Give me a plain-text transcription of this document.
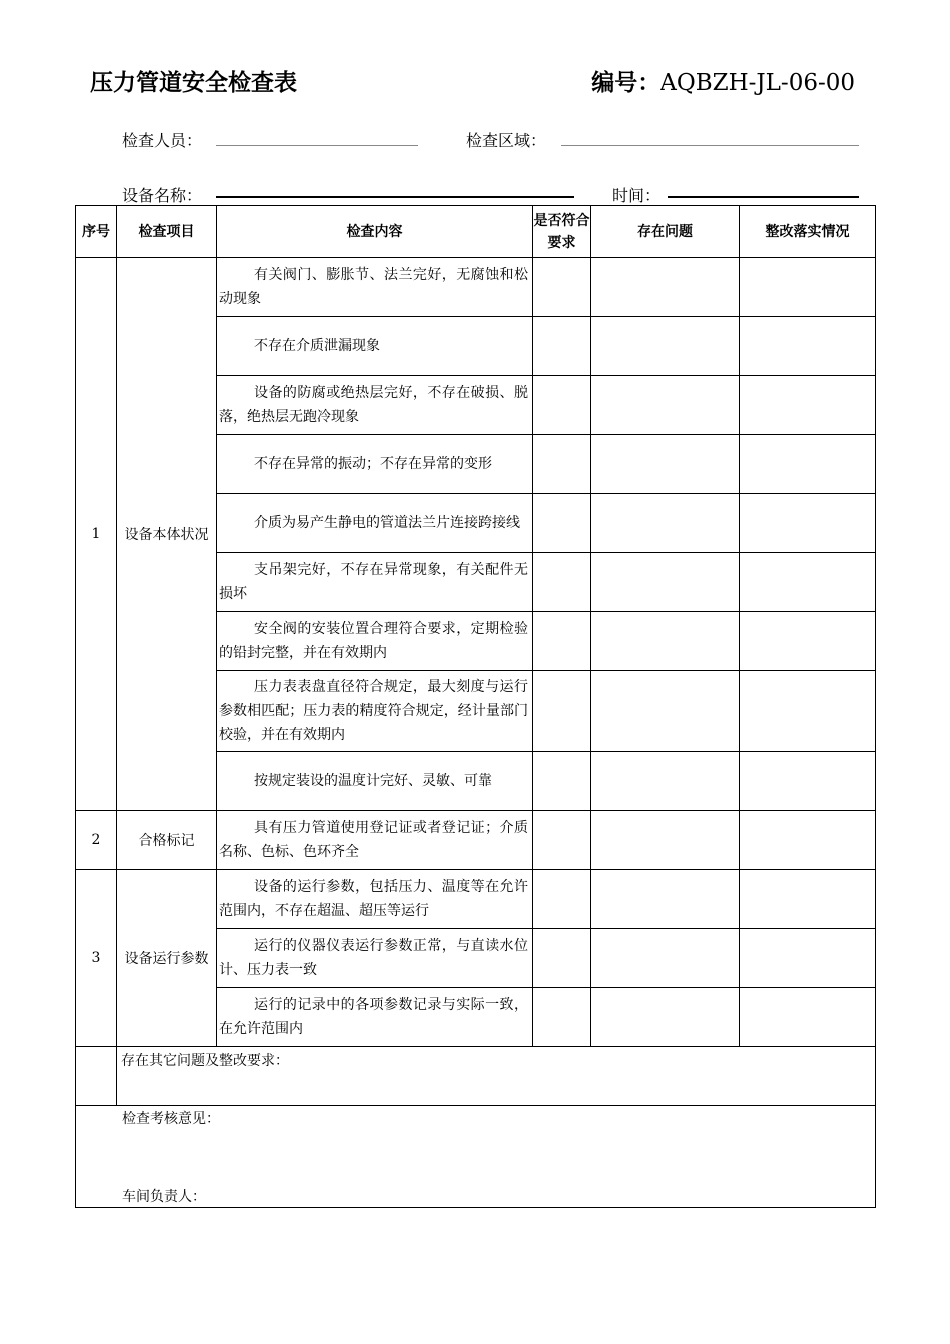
压力管道安全检查表	编号：AQBZH-JL-06-00
检查人员：	检查区域：
设备名称：	时间：
序号	检查项目	检查内容	是否符合要求	存在问题	整改落实情况
1	设备本体状况	有关阀门、膨胀节、法兰完好，无腐蚀和松动现象			
		不存在介质泄漏现象			
		设备的防腐或绝热层完好，不存在破损、脱落，绝热层无跑冷现象			
		不存在异常的振动；不存在异常的变形			
		介质为易产生静电的管道法兰片连接跨接线			
		支吊架完好，不存在异常现象，有关配件无损坏			
		安全阀的安装位置合理符合要求，定期检验的铅封完整，并在有效期内			
		压力表表盘直径符合规定，最大刻度与运行参数相匹配；压力表的精度符合规定，经计量部门校验，并在有效期内			
		按规定装设的温度计完好、灵敏、可靠			
2	合格标记	具有压力管道使用登记证或者登记证；介质名称、色标、色环齐全			
3	设备运行参数	设备的运行参数，包括压力、温度等在允许范围内，不存在超温、超压等运行			
		运行的仪器仪表运行参数正常，与直读水位计、压力表一致			
		运行的记录中的各项参数记录与实际一致，在允许范围内			
	存在其它问题及整改要求：				

检查考核意见：
车间负责人：					
